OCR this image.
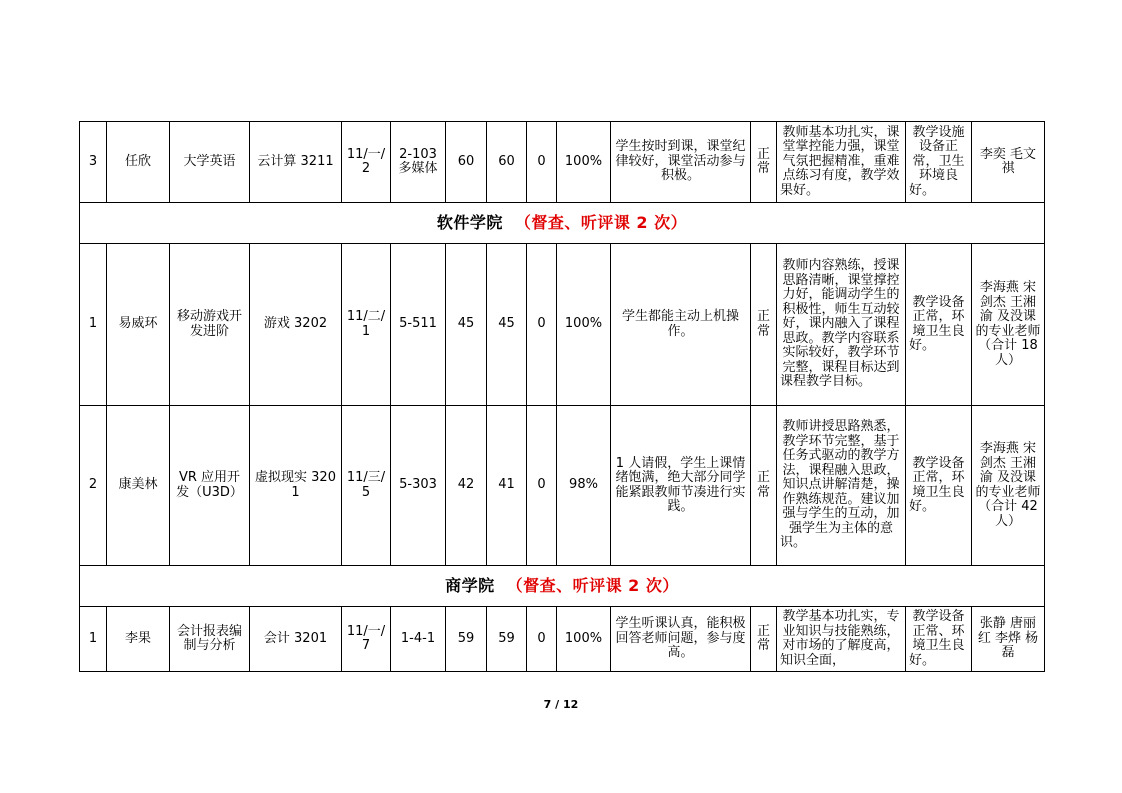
3	任欣	大学英语	云计算 3211	11/一/2	2-103 多媒体	60	60	0	100%	学生按时到课，课堂纪律较好，课堂活动参与积极。	正常	教师基本功扎实，课堂掌控能力强，课堂气氛把握精准，重难点练习有度，教学效果好。	教学设施设备正常，卫生环境良好。	李奕 毛文祺
软件学院 （督查、听评课 2 次）														
1	易威环	移动游戏开发进阶	游戏 3202	11/二/1	5-511	45	45	0	100%	学生都能主动上机操作。	正常	教师内容熟练，授课思路清晰，课堂撑控力好，能调动学生的积极性，师生互动较好，课内融入了课程思政。教学内容联系实际较好，教学环节完整，课程目标达到课程教学目标。	教学设备正常，环境卫生良好。	李海燕 宋剑杰 王湘渝 及没课的专业老师（合计 18 人）
2	康美林	VR 应用开发（U3D）	虚拟现实 3201	11/三/5	5-303	42	41	0	98%	1 人请假，学生上课情绪饱满，绝大部分同学能紧跟教师节凑进行实践。	正常	教师讲授思路熟悉，教学环节完整，基于任务式驱动的教学方法，课程融入思政，知识点讲解清楚，操作熟练规范。建议加强与学生的互动，加强学生为主体的意识。	教学设备正常，环境卫生良好。	李海燕 宋剑杰 王湘渝 及没课的专业老师（合计 42 人）
商学院 （督查、听评课 2 次）														
1	李果	会计报表编制与分析	会计 3201	11/一/7	1-4-1	59	59	0	100%	学生听课认真，能积极回答老师问题，参与度高。	正常	教学基本功扎实，专业知识与技能熟练，对市场的了解度高，知识全面，	教学设备正常、环境卫生良好。	张静 唐丽红 李烨 杨磊
7 / 12
